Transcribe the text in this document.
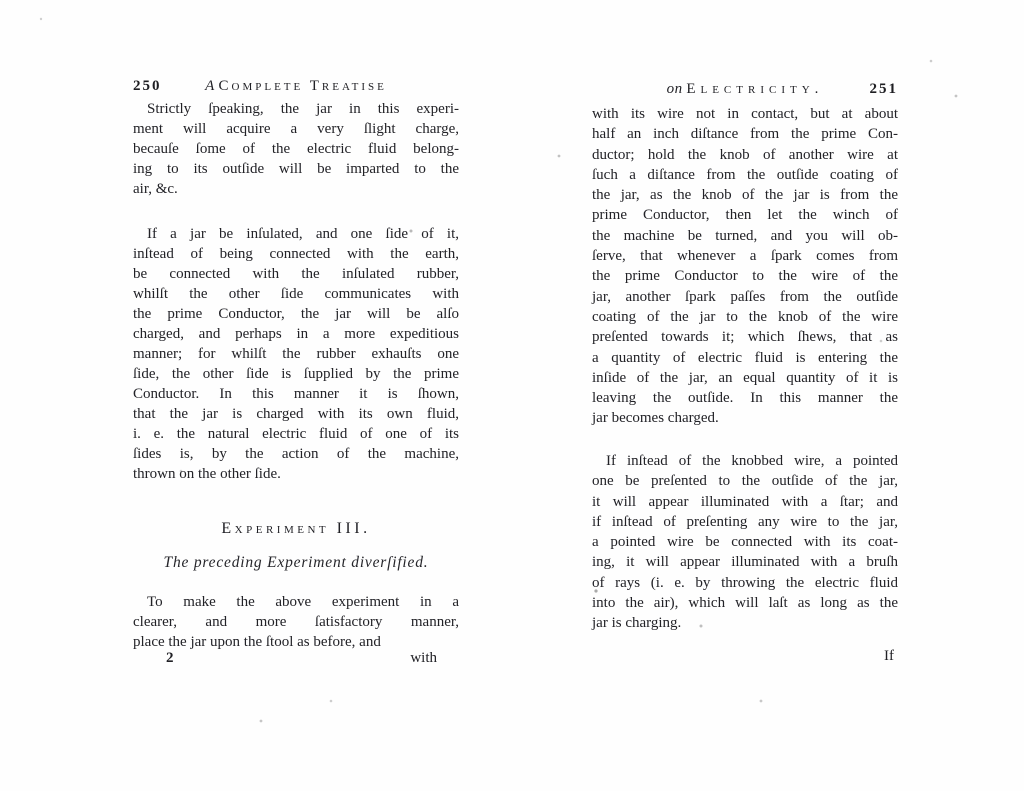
250	A Complete Treatise
Strictly ſpeaking, the jar in this experi-
ment will acquire a very ſlight charge,
becauſe ſome of the electric fluid belong-
ing to its outſide will be imparted to the
air, &c.
If a jar be inſulated, and one ſide of it,
inſtead of being connected with the earth,
be connected with the inſulated rubber,
whilſt the other ſide communicates with
the prime Conductor, the jar will be alſo
charged, and perhaps in a more expeditious
manner; for whilſt the rubber exhauſts one
ſide, the other ſide is ſupplied by the prime
Conductor. In this manner it is ſhown,
that the jar is charged with its own fluid,
i. e. the natural electric fluid of one of its
ſides is, by the action of the machine,
thrown on the other ſide.
Experiment III.
The preceding Experiment diverſified.
To make the above experiment in a
clearer, and more ſatisfactory manner,
place the jar upon the ſtool as before, and
2	with
on Electricity.	251
with its wire not in contact, but at about
half an inch diſtance from the prime Con-
ductor; hold the knob of another wire at
ſuch a diſtance from the outſide coating of
the jar, as the knob of the jar is from the
prime Conductor, then let the winch of
the machine be turned, and you will ob-
ſerve, that whenever a ſpark comes from
the prime Conductor to the wire of the
jar, another ſpark paſſes from the outſide
coating of the jar to the knob of the wire
preſented towards it; which ſhews, that as
a quantity of electric fluid is entering the
inſide of the jar, an equal quantity of it is
leaving the outſide. In this manner the
jar becomes charged.
If inſtead of the knobbed wire, a pointed
one be preſented to the outſide of the jar,
it will appear illuminated with a ſtar; and
if inſtead of preſenting any wire to the jar,
a pointed wire be connected with its coat-
ing, it will appear illuminated with a bruſh
of rays (i. e. by throwing the electric fluid
into the air), which will laſt as long as the
jar is charging.
If
